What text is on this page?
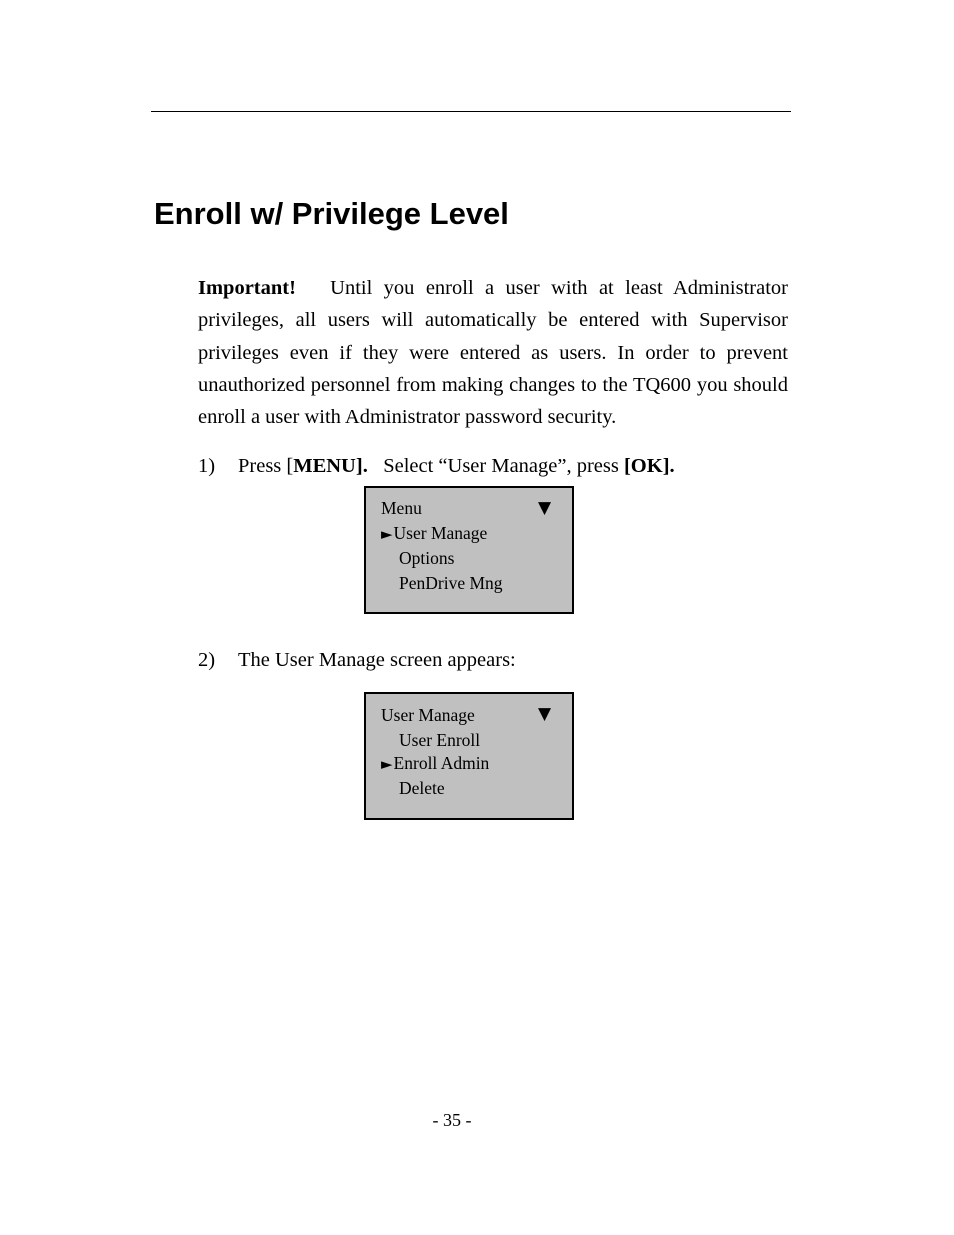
Enroll w/ Privilege Level

Important! Until you enroll a user with at least Administrator privileges, all users will automatically be entered with Supervisor privileges even if they were entered as users. In order to prevent unauthorized personnel from making changes to the TQ600 you should enroll a user with Administrator password security.

1) Press [MENU].   Select “User Manage”, press [OK].

Menu	▼
►User Manage
Options
PenDrive Mng

2) The User Manage screen appears:

User Manage	▼
User Enroll
►Enroll Admin
Delete
- 35 -
